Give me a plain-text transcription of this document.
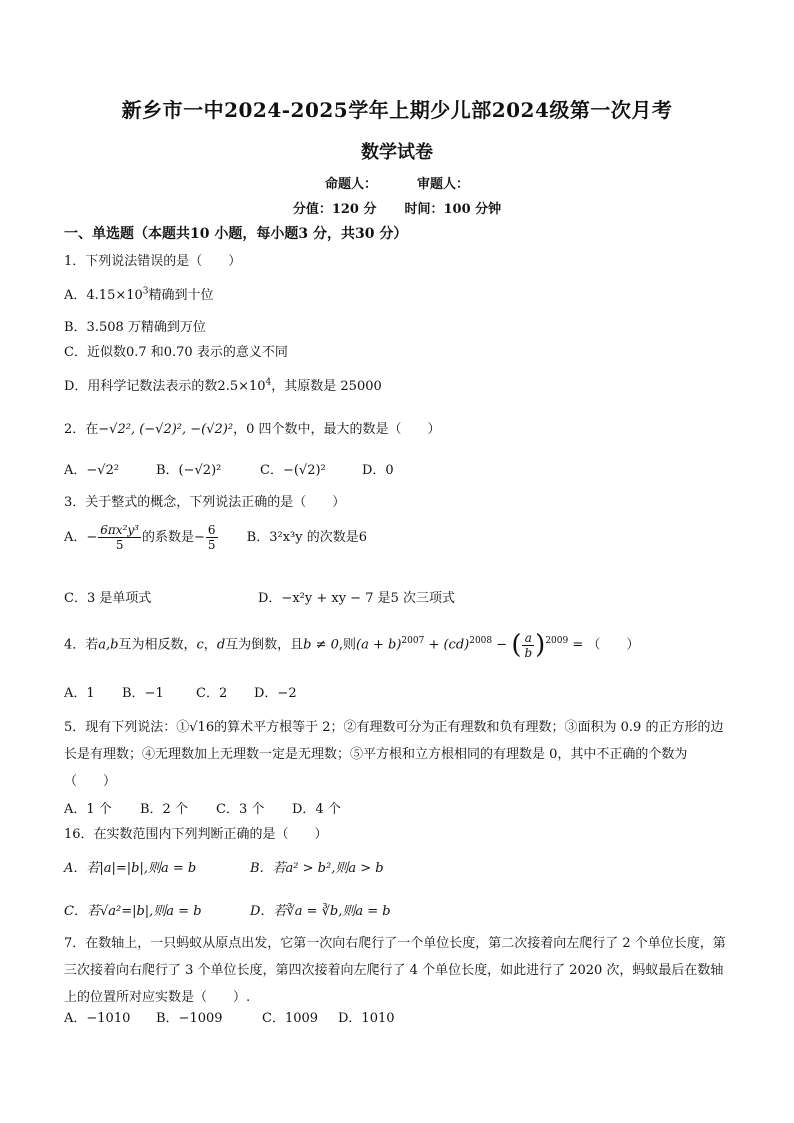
新乡市一中2024-2025学年上期少儿部2024级第一次月考
数学试卷
命题人：	审题人：
分值：120 分 时间：100 分钟
一、单选题（本题共10 小题，每小题3 分，共30 分）
1．下列说法错误的是（　　）
A．$4.15\times 10^3$精确到十位
B．3.508 万精确到万位
C．近似数0.7 和0.70 表示的意义不同
D．用科学记数法表示的数$2.5\times 10^4$，其原数是 25000
2．在−√2², (−√2)², −(√2)²，0 四个数中，最大的数是（　　）
A．−√2²	B．(−√2)²	C．−(√2)²	D．0
3．关于整式的概念，下列说法正确的是（　　）
A．− $\frac{\text{6πx²y³}}{5}$ 的系数是− $\frac{6}{5}$ B．3²x³y 的次数是6
C．3 是单项式	D．−x²y + xy − 7 是5 次三项式
4．若a,b互为相反数，c，d互为倒数，且b ≠ 0,则$(a + b)^{2007} + (cd)^{2008}$ − ( $\frac{a}{b} )^{2009}$ = （　　）
A．1 B．−1 C．2 D．−2
5．现有下列说法：①√16的算术平方根等于 2；②有理数可分为正有理数和负有理数；③面积为 0.9 的正方形的边长是有理数；④无理数加上无理数一定是无理数；⑤平方根和立方根相同的有理数是 0，其中不正确的个数为（　　）
A．1 个 B．2 个 C．3 个 D．4 个
16．在实数范围内下列判断正确的是（　　）
A．若|a|=|b|,则a = b	B．若a² > b²,则a > b
C．若√a²=|b|,则a = b	D．若∛a = ∛b,则a = b
7．在数轴上，一只蚂蚁从原点出发，它第一次向右爬行了一个单位长度，第二次接着向左爬行了 2 个单位长度，第三次接着向右爬行了 3 个单位长度，第四次接着向左爬行了 4 个单位长度，如此进行了 2020 次，蚂蚁最后在数轴上的位置所对应实数是（　　）.
A．−1010 B．−1009	C．1009 D．1010
